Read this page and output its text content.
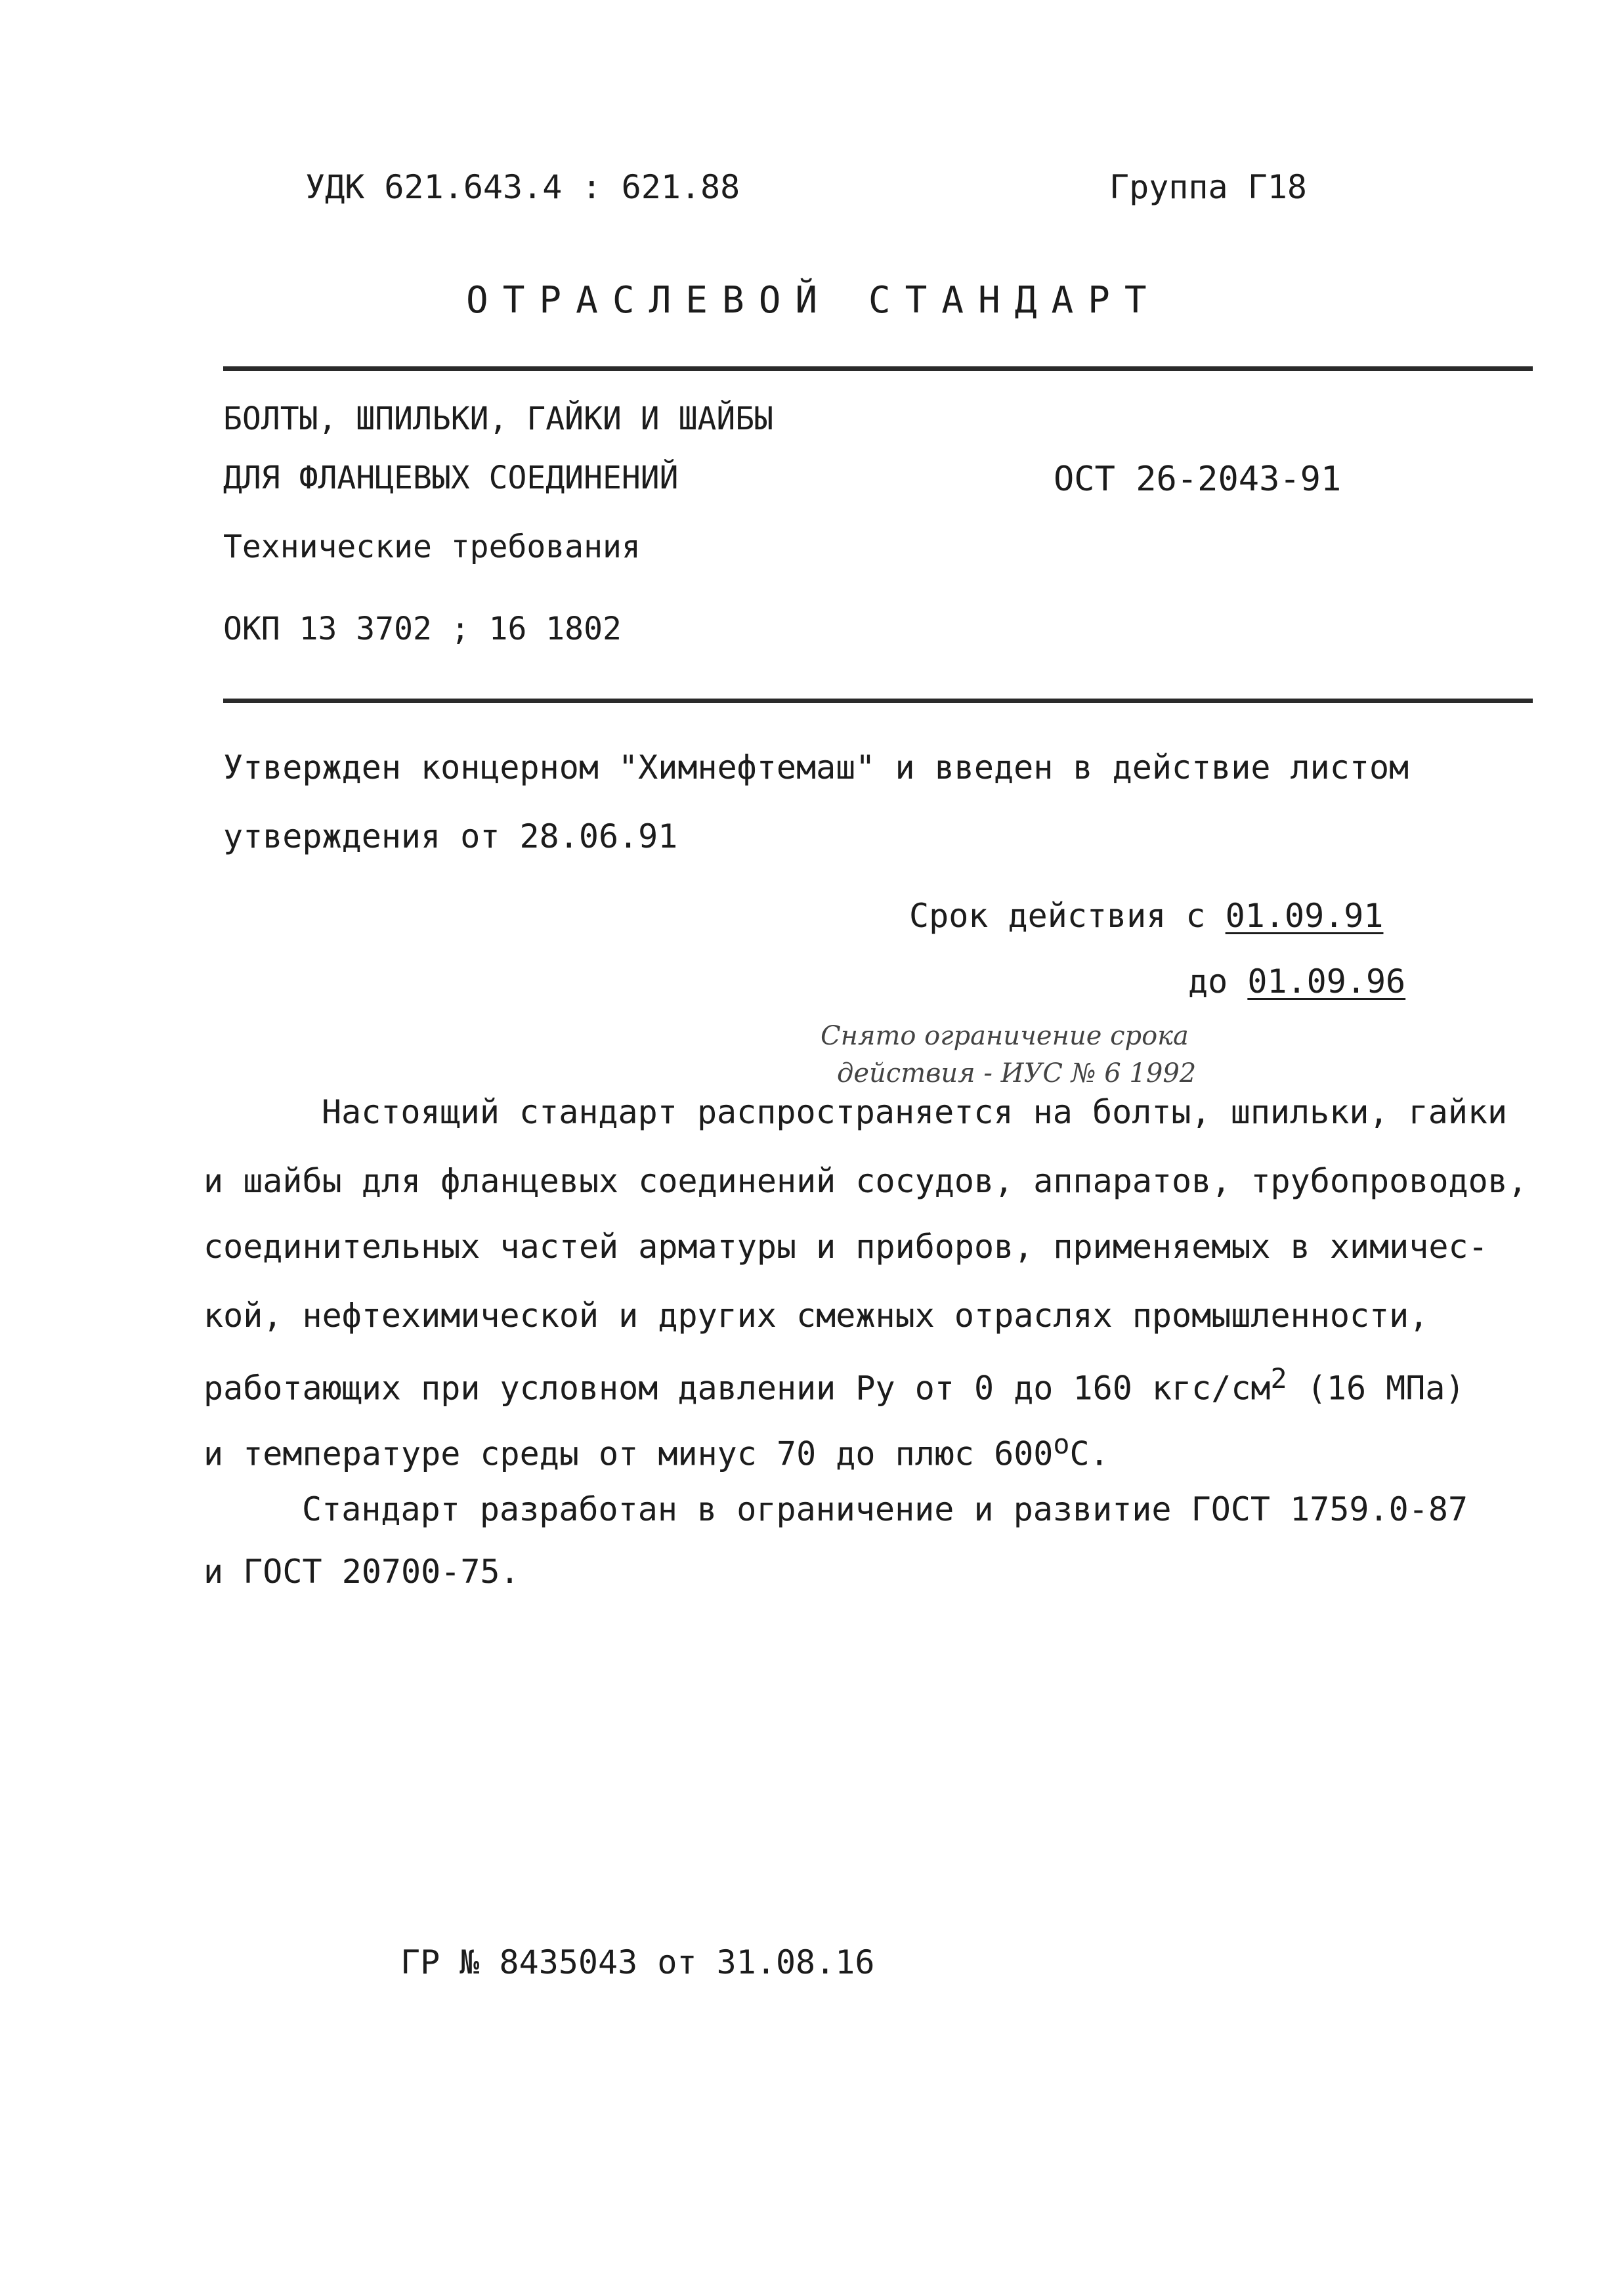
УДК 621.643.4 : 621.88	Группа Г18
ОТРАСЛЕВОЙ СТАНДАРТ
БОЛТЫ, ШПИЛЬКИ, ГАЙКИ И ШАЙБЫ
ДЛЯ ФЛАНЦЕВЫХ СОЕДИНЕНИЙ	ОСТ 26-2043-91
Технические требования
ОКП 13 3702 ; 16 1802
Утвержден концерном "Химнефтемаш" и введен в действие листом
утверждения от 28.06.91
Срок действия с 01.09.91
до 01.09.96
Снято ограничение срока
действия - ИУС № 6 1992
Настоящий стандарт распространяется на болты, шпильки, гайки
и шайбы для фланцевых соединений сосудов, аппаратов, трубопроводов,
соединительных частей арматуры и приборов, применяемых в химичес-
кой, нефтехимической и других смежных отраслях промышленности,
работающих при условном давлении Ру от 0 до 160 кгс/$см^2$ (16 МПа)
и температуре среды от минус 70 до плюс $600^оС$.
Стандарт разработан в ограничение и развитие ГОСТ 1759.0-87
и ГОСТ 20700-75.
ГР № 8435043 от 31.08.16
